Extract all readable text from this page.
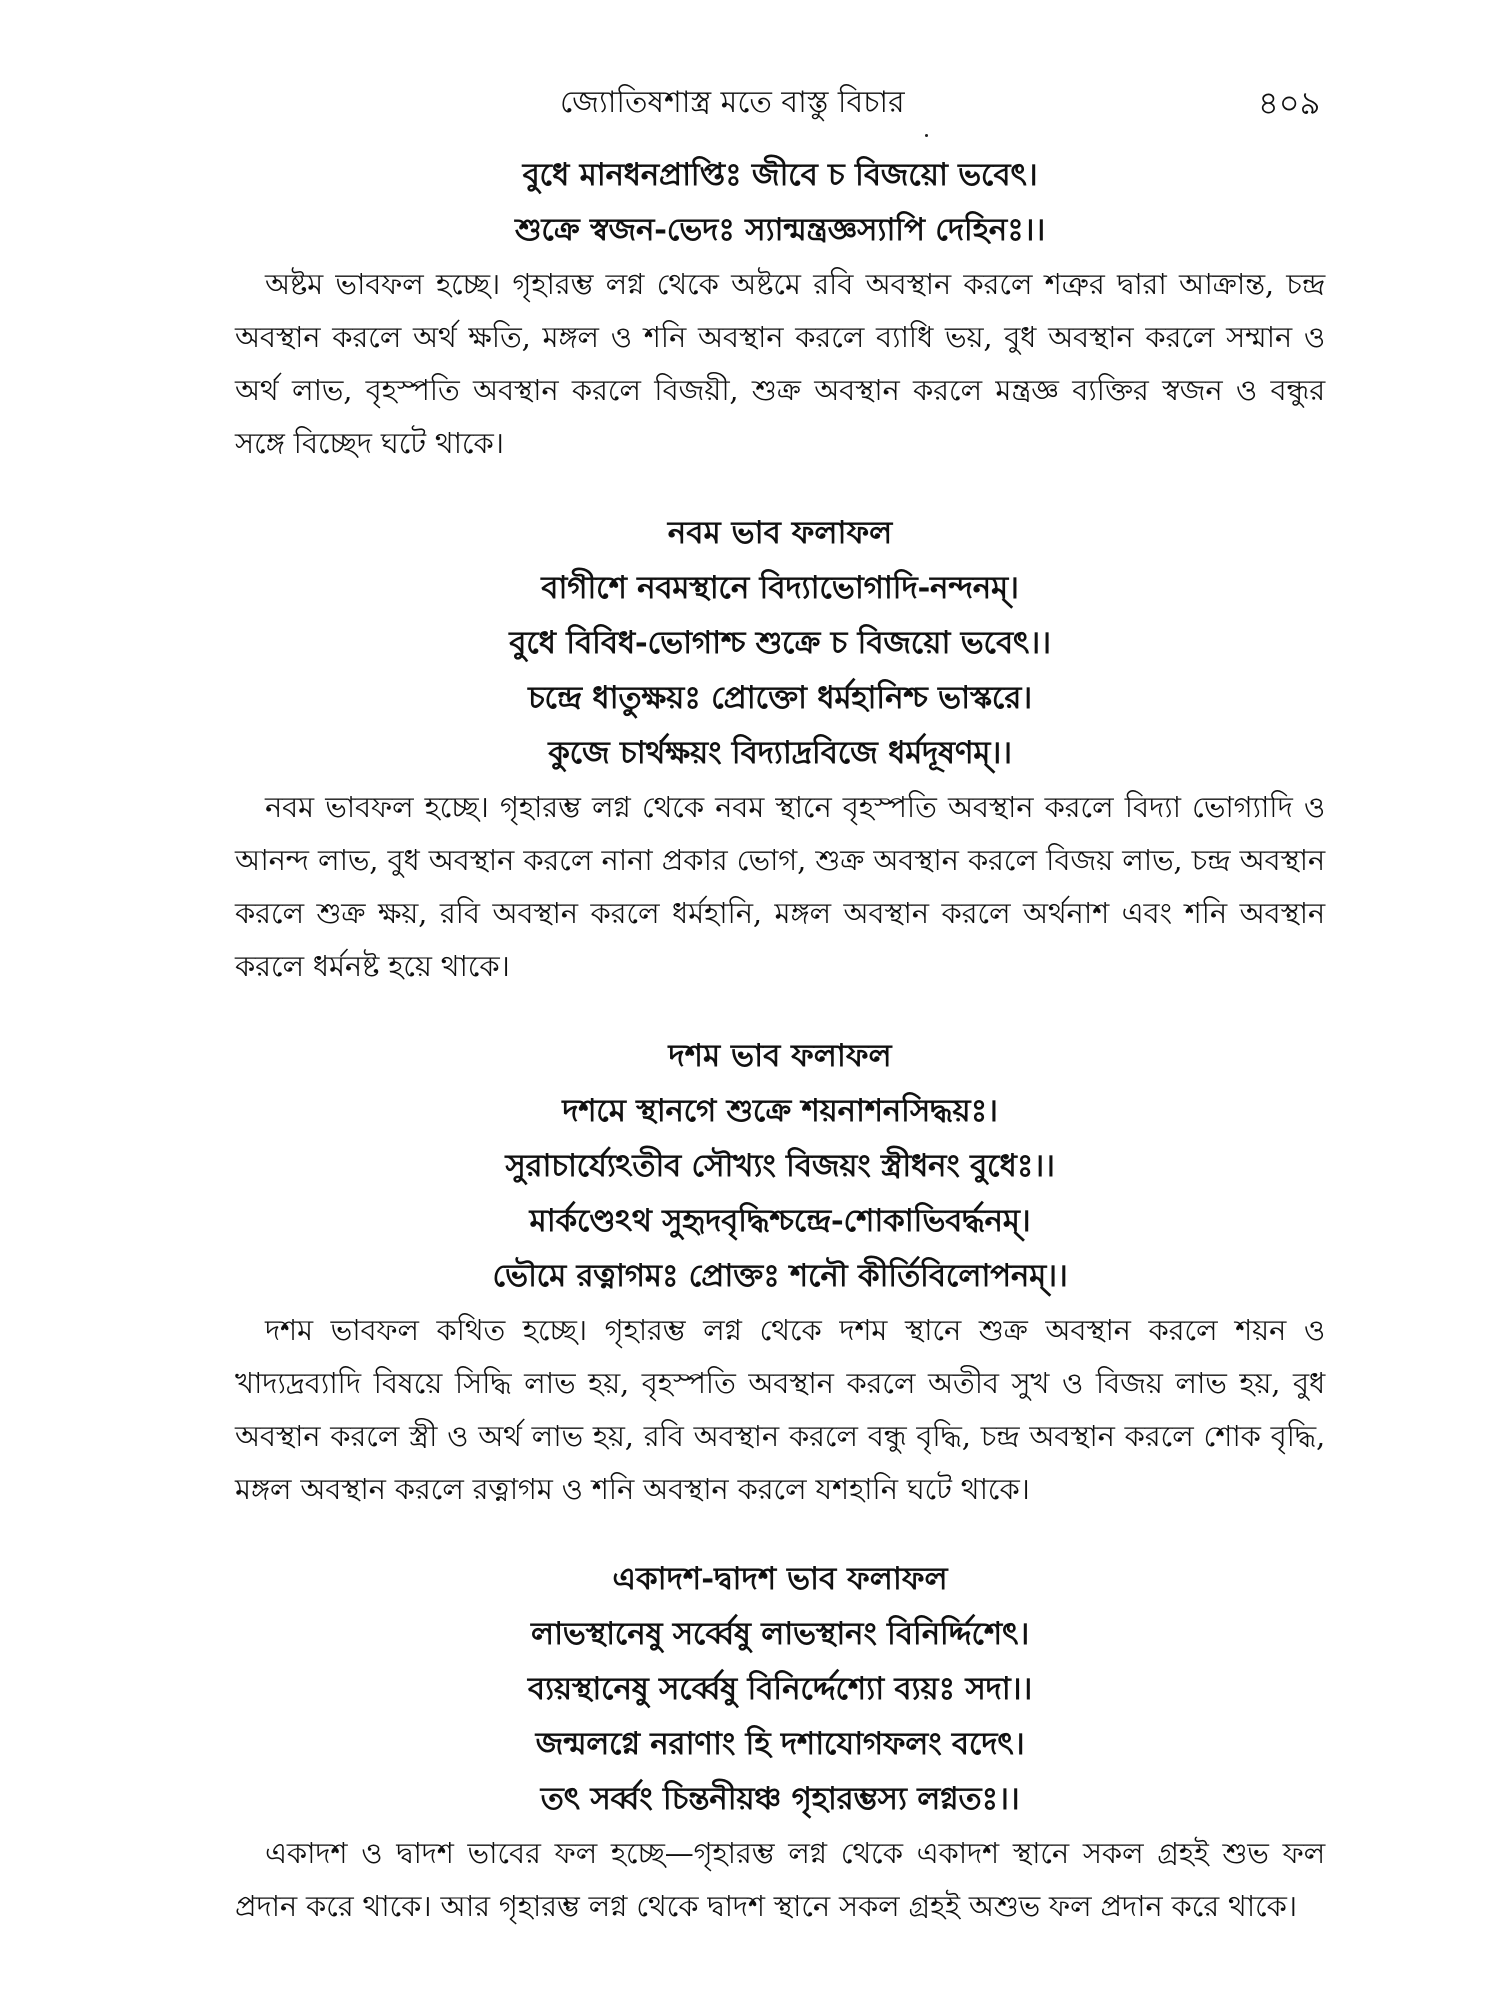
জ্যোতিষশাস্ত্র মতে বাস্তু বিচার	৪০৯
বুধে মানধনপ্রাপ্তিঃ জীবে চ বিজয়ো ভবেৎ।
শুক্রে স্বজন-ভেদঃ স্যান্মন্ত্রজ্ঞস্যাপি দেহিনঃ।।

অষ্টম ভাবফল হচ্ছে। গৃহারম্ভ লগ্ন থেকে অষ্টমে রবি অবস্থান করলে শত্রুর দ্বারা আক্রান্ত, চন্দ্র অবস্থান করলে অর্থ ক্ষতি, মঙ্গল ও শনি অবস্থান করলে ব্যাধি ভয়, বুধ অবস্থান করলে সম্মান ও অর্থ লাভ, বৃহস্পতি অবস্থান করলে বিজয়ী, শুক্র অবস্থান করলে মন্ত্রজ্ঞ ব্যক্তির স্বজন ও বন্ধুর সঙ্গে বিচ্ছেদ ঘটে থাকে।

নবম ভাব ফলাফল
বাগীশে নবমস্থানে বিদ্যাভোগাদি-নন্দনম্।
বুধে বিবিধ-ভোগাশ্চ শুক্রে চ বিজয়ো ভবেৎ।।
চন্দ্রে ধাতুক্ষয়ঃ প্রোক্তো ধর্মহানিশ্চ ভাস্করে।
কুজে চার্থক্ষয়ং বিদ্যাদ্রবিজে ধর্মদূষণম্।।

নবম ভাবফল হচ্ছে। গৃহারম্ভ লগ্ন থেকে নবম স্থানে বৃহস্পতি অবস্থান করলে বিদ্যা ভোগ্যাদি ও আনন্দ লাভ, বুধ অবস্থান করলে নানা প্রকার ভোগ, শুক্র অবস্থান করলে বিজয় লাভ, চন্দ্র অবস্থান করলে শুক্র ক্ষয়, রবি অবস্থান করলে ধর্মহানি, মঙ্গল অবস্থান করলে অর্থনাশ এবং শনি অবস্থান করলে ধর্মনষ্ট হয়ে থাকে।

দশম ভাব ফলাফল
দশমে স্থানগে শুক্রে শয়নাশনসিদ্ধয়ঃ।
সুরাচার্য্যেঽতীব সৌখ্যং বিজয়ং স্ত্রীধনং বুধেঃ।।
মার্কণ্ডেঽথ সুহৃদবৃদ্ধিশ্চন্দ্রে-শোকাভিবর্দ্ধনম্।
ভৌমে রত্নাগমঃ প্রোক্তঃ শনৌ কীর্তিবিলোপনম্।।

দশম ভাবফল কথিত হচ্ছে। গৃহারম্ভ লগ্ন থেকে দশম স্থানে শুক্র অবস্থান করলে শয়ন ও খাদ্যদ্রব্যাদি বিষয়ে সিদ্ধি লাভ হয়, বৃহস্পতি অবস্থান করলে অতীব সুখ ও বিজয় লাভ হয়, বুধ অবস্থান করলে স্ত্রী ও অর্থ লাভ হয়, রবি অবস্থান করলে বন্ধু বৃদ্ধি, চন্দ্র অবস্থান করলে শোক বৃদ্ধি, মঙ্গল অবস্থান করলে রত্নাগম ও শনি অবস্থান করলে যশহানি ঘটে থাকে।

একাদশ-দ্বাদশ ভাব ফলাফল
লাভস্থানেষু সর্ব্বেষু লাভস্থানং বিনির্দ্দিশেৎ।
ব্যয়স্থানেষু সর্ব্বেষু বিনির্দ্দেশ্যো ব্যয়ঃ সদা।।
জন্মলগ্নে নরাণাং হি দশাযোগফলং বদেৎ।
তৎ সর্ব্বং চিন্তনীয়ঞ্চ গৃহারম্ভস্য লগ্নতঃ।।

একাদশ ও দ্বাদশ ভাবের ফল হচ্ছে—গৃহারম্ভ লগ্ন থেকে একাদশ স্থানে সকল গ্রহই শুভ ফল প্রদান করে থাকে। আর গৃহারম্ভ লগ্ন থেকে দ্বাদশ স্থানে সকল গ্রহই অশুভ ফল প্রদান করে থাকে।
